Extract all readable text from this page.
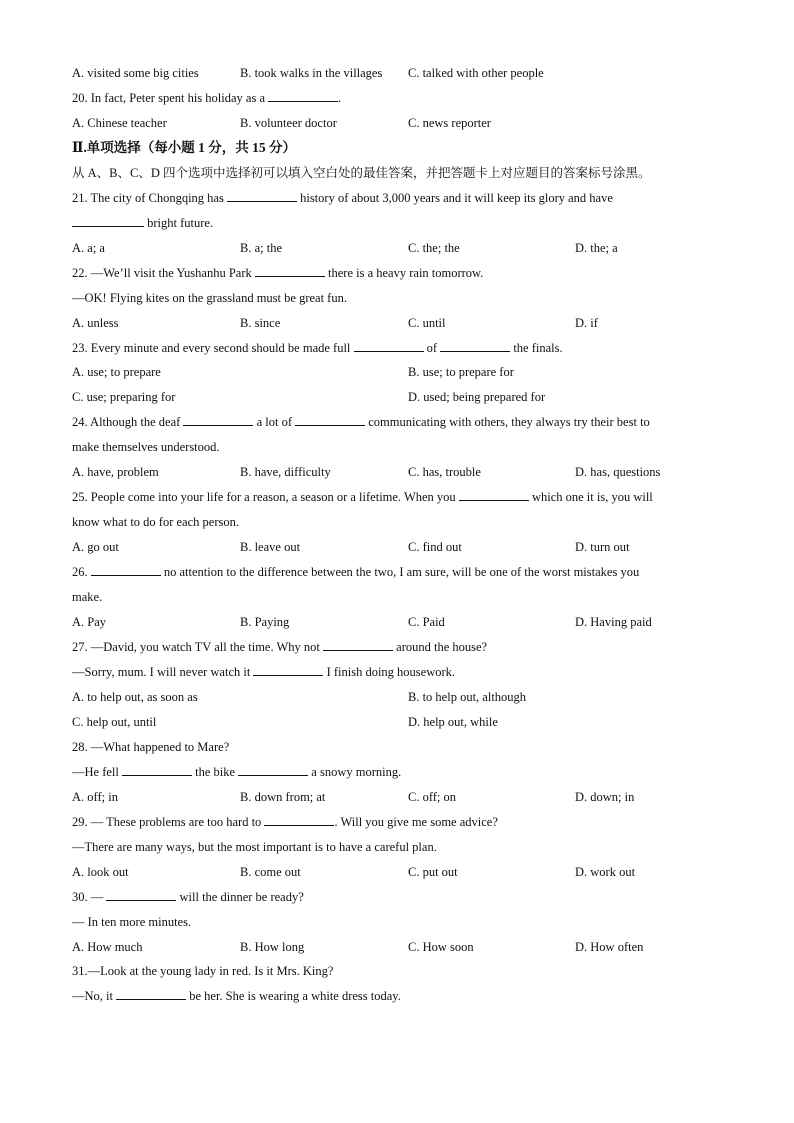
A. visited some big cities	B. took walks in the villages C. talked with other people
20. In fact, Peter spent his holiday as a	.
A. Chinese teacher	B. volunteer doctor	C. news reporter
Ⅱ.单项选择（每小题 1 分，共 15 分）
从 A、B、C、D 四个选项中选择初可以填入空白处的最佳答案，并把答题卡上对应题目的答案标号涂黑。
21. The city of Chongqing has	history of about 3,000 years and it will keep its glory and have
bright future.
A. a; a	B. a; the	C. the; the	D. the; a
22. —We’ll visit the Yushanhu Park	there is a heavy rain tomorrow.
—OK! Flying kites on the grassland must be great fun.
A. unless	B. since	C. until	D. if
23. Every minute and every second should be made full	of	the finals.
A. use; to prepare	B. use; to prepare for
C. use; preparing for	D. used; being prepared for
24. Although the deaf	a lot of	communicating with others, they always try their best to
make themselves understood.
A. have, problem	B. have, difficulty	C. has, trouble	D. has, questions
25. People come into your life for a reason, a season or a lifetime. When you	which one it is, you will
know what to do for each person.
A. go out	B. leave out	C. find out	D. turn out
26.	no attention to the difference between the two, I am sure, will be one of the worst mistakes you
make.
A. Pay	B. Paying	C. Paid	D. Having paid
27. —David, you watch TV all the time. Why not	around the house?
—Sorry, mum. I will never watch it	I finish doing housework.
A. to help out, as soon as	B. to help out, although
C. help out, until	D. help out, while
28. —What happened to Mare?
—He fell	the bike	a snowy morning.
A. off; in	B. down from; at	C. off; on	D. down; in
29. — These problems are too hard to	. Will you give me some advice?
—There are many ways, but the most important is to have a careful plan.
A. look out	B. come out	C. put out	D. work out
30. —	will the dinner be ready?
— In ten more minutes.
A. How much	B. How long	C. How soon	D. How often
31.—Look at the young lady in red. Is it Mrs. King?
—No, it	be her. She is wearing a white dress today.
